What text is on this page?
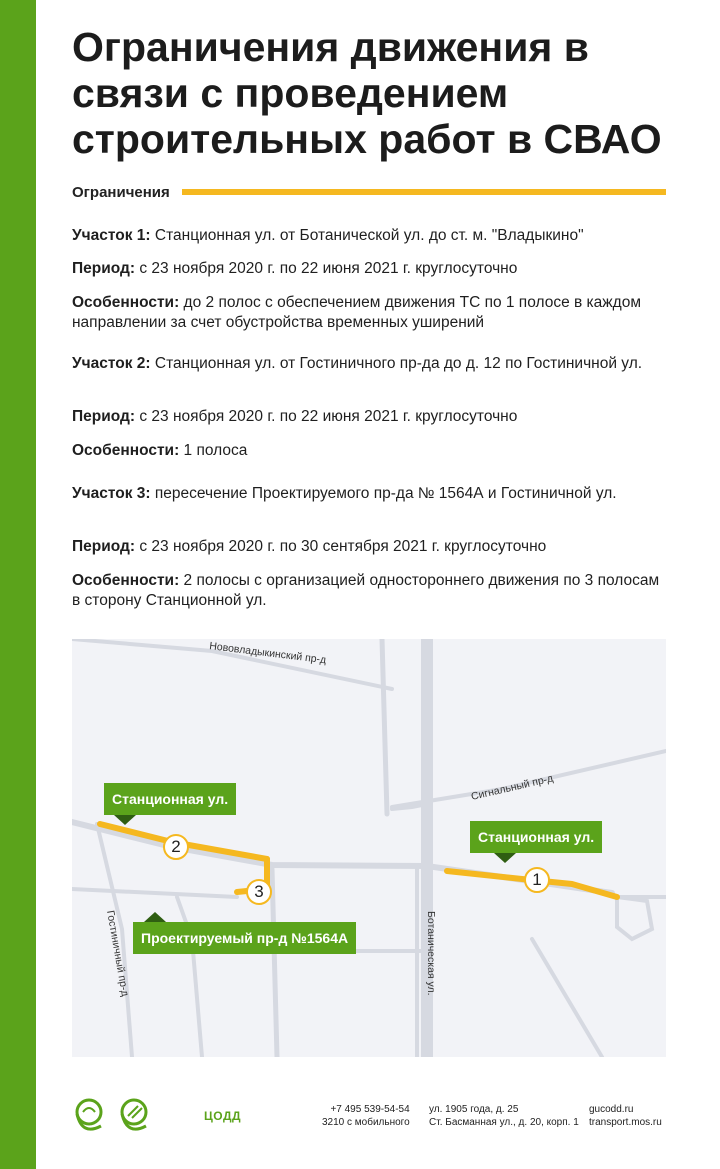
Ограничения движения в связи с проведением строительных работ в СВАО
Ограничения

Участок 1: Станционная ул. от Ботанической ул. до ст. м. "Владыкино"

Период: с 23 ноября 2020 г. по 22 июня 2021 г. круглосуточно

Особенности: до 2 полос с обеспечением движения ТС по 1 полосе в каждом направлении за счет обустройства временных уширений

Участок 2: Станционная ул. от Гостиничного пр-да до д. 12 по Гостиничной ул.

Период: с 23 ноября 2020 г. по 22 июня 2021 г. круглосуточно

Особенности: 1 полоса

Участок 3: пересечение Проектируемого пр-да № 1564А и Гостиничной ул.

Период: с 23 ноября 2020 г. по 30 сентября 2021 г. круглосуточно

Особенности: 2 полосы с организацией одностороннего движения по 3 полосам в сторону Станционной ул.

Нововладыкинский пр-д
Сигнальный пр-д
Гостиничный пр-д	Ботаническая ул.
Станционная ул.
Станционная ул.
Проектируемый пр-д №1564А
1
2
3
ЦОДД	+7 495 539-54-54
3210 с мобильного
ул. 1905 года, д. 25
Ст. Басманная ул., д. 20, корп. 1
gucodd.ru
transport.mos.ru
